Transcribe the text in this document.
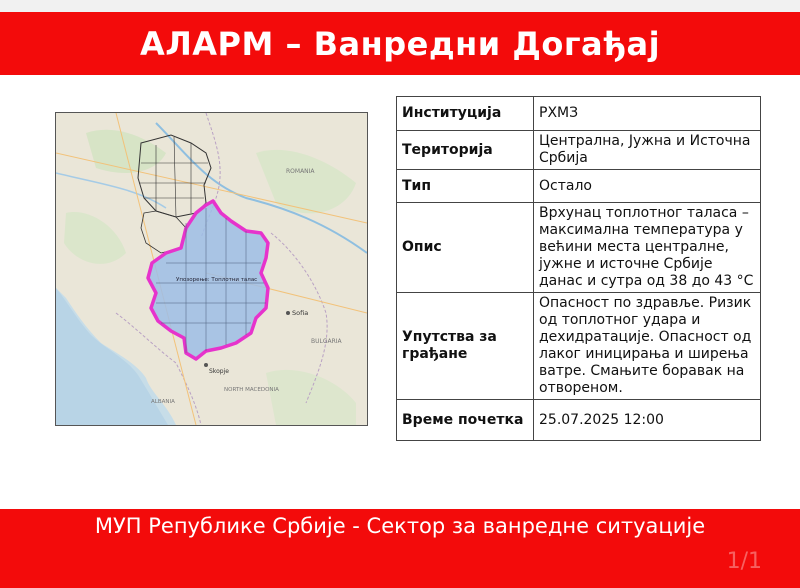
АЛАРМ – Ванредни Догађај
Упозорење: Топлотни талас
Sofia
Skopje
NORTH MACEDONIA
BULGARIA
ROMANIA
ALBANIA
Институција	РХМЗ
Територија	Централна, Јужна и Источна Србија
Тип	Остало
Опис	Врхунац топлотног таласа – максимална температура у већини места централне, јужне и источне Србије данас и сутра од 38 до 43 °C
Упутства за грађане	Опасност по здравље. Ризик од топлотног удара и дехидратације. Опасност од лаког иницирања и ширења ватре. Смањите боравак на отвореном.
Време почетка	25.07.2025 12:00
МУП Републике Србије - Сектор за ванредне ситуације
1/1
